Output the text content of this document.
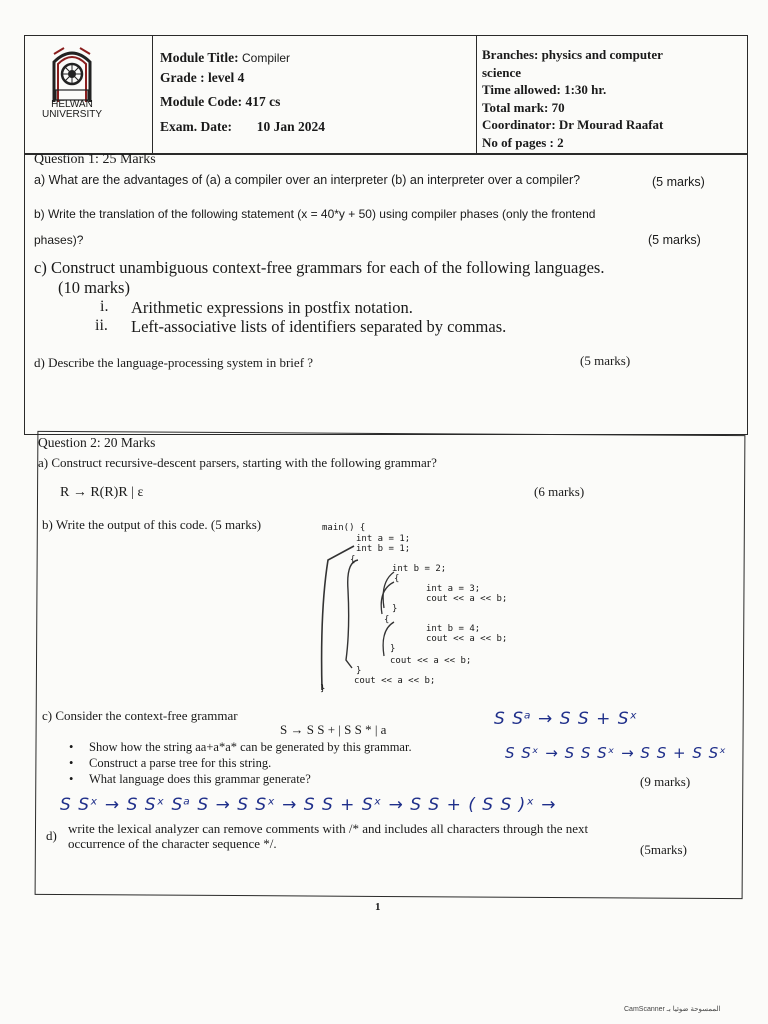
HELWAN UNIVERSITY
Module Title: Compiler
Grade : level 4
Module Code: 417 cs
Exam. Date: 10 Jan 2024
Branches: physics and computer
science
Time allowed: 1:30 hr.
Total mark: 70
Coordinator: Dr Mourad Raafat
No of pages : 2
Question 1: 25 Marks
a) What are the advantages of (a) a compiler over an interpreter (b) an interpreter over a compiler?	(5 marks)
b) Write the translation of the following statement (x = 40*y + 50) using compiler phases (only the frontend
phases)?	(5 marks)
c) Construct unambiguous context-free grammars for each of the following languages.
(10 marks)
i. Arithmetic expressions in postfix notation.
ii. Left-associative lists of identifiers separated by commas.
d) Describe the language-processing system in brief ?	(5 marks)
Question 2: 20 Marks
a) Construct recursive-descent parsers, starting with the following grammar?
R → R(R)R | ε	(6 marks)
b) Write the output of this code. (5 marks)	main() {
int a = 1;
int b = 1;
{
int b = 2;
{
int a = 3;
cout << a << b;
}
{
int b = 4;
cout << a << b;
}
cout << a << b;
}
cout << a << b;
}
c) Consider the context-free grammar
S → S S + | S S * | a
• Show how the string aa+a*a* can be generated by this grammar.
• Construct a parse tree for this string.
• What language does this grammar generate?	(9 marks)
S Sᵃ → S S + Sˣ
S Sˣ → S S Sˣ → S S + S Sˣ
S Sˣ → S Sˣ Sᵃ S → S Sˣ → S S + Sˣ → S S + ( S S )ˣ →
d) write the lexical analyzer can remove comments with /* and includes all characters through the next
occurrence of the character sequence */.	(5marks)
1
CamScanner الممسوحة ضوئيا بـ
